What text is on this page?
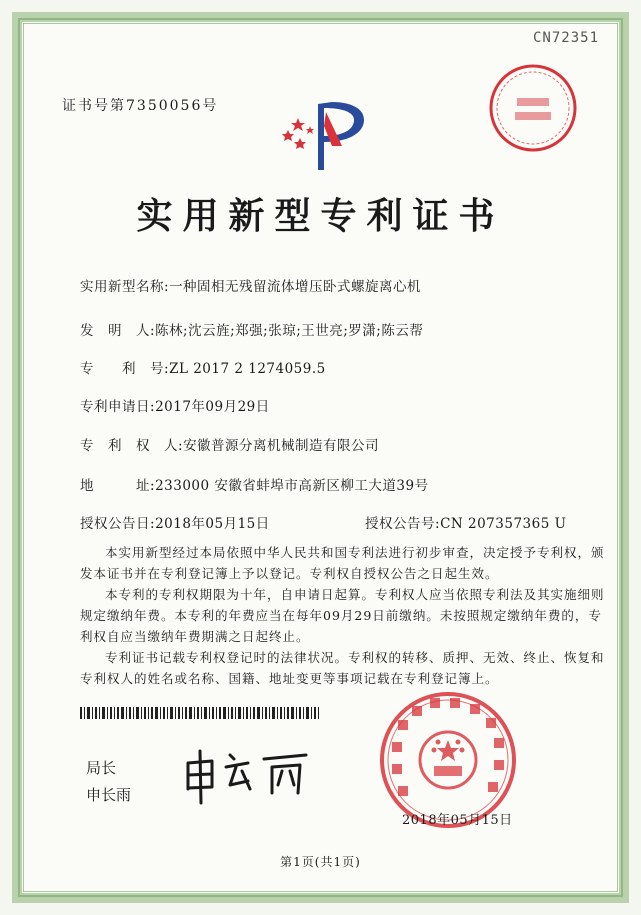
CN72351
证书号第7350056号
实用新型专利证书
实用新型名称:一种固相无残留流体增压卧式螺旋离心机
发　明　人:陈林;沈云旌;郑强;张琼;王世亮;罗潇;陈云帮
专　　利　号:ZL 2017 2 1274059.5
专利申请日:2017年09月29日
专　利　权　人:安徽普源分离机械制造有限公司
地　　　址:233000 安徽省蚌埠市高新区柳工大道39号
授权公告日:2018年05月15日	授权公告号:CN 207357365 U

本实用新型经过本局依照中华人民共和国专利法进行初步审查，决定授予专利权，颁发本证书并在专利登记簿上予以登记。专利权自授权公告之日起生效。

本专利的专利权期限为十年，自申请日起算。专利权人应当依照专利法及其实施细则规定缴纳年费。本专利的年费应当在每年09月29日前缴纳。未按照规定缴纳年费的，专利权自应当缴纳年费期满之日起终止。

专利证书记载专利权登记时的法律状况。专利权的转移、质押、无效、终止、恢复和专利权人的姓名或名称、国籍、地址变更等事项记载在专利登记簿上。

局长
申长雨
2018年05月15日
第1页(共1页)
